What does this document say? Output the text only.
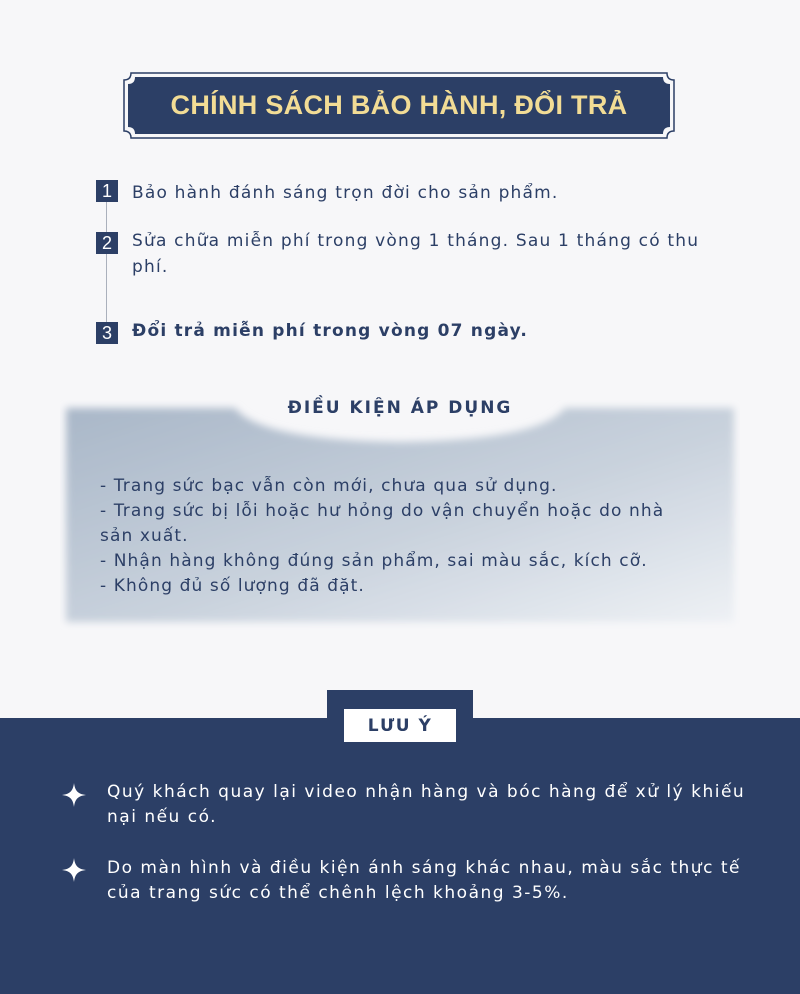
CHÍNH SÁCH BẢO HÀNH, ĐỔI TRẢ
1	Bảo hành đánh sáng trọn đời cho sản phẩm.
2	Sửa chữa miễn phí trong vòng 1 tháng. Sau 1 tháng có thu phí.
3	Đổi trả miễn phí trong vòng 07 ngày.
ĐIỀU KIỆN ÁP DỤNG
- Trang sức bạc vẫn còn mới, chưa qua sử dụng.
- Trang sức bị lỗi hoặc hư hỏng do vận chuyển hoặc do nhà sản xuất.
- Nhận hàng không đúng sản phẩm, sai màu sắc, kích cỡ.
- Không đủ số lượng đã đặt.
LƯU Ý
Quý khách quay lại video nhận hàng và bóc hàng để xử lý khiếu nại nếu có.
Do màn hình và điều kiện ánh sáng khác nhau, màu sắc thực tế của trang sức có thể chênh lệch khoảng 3-5%.
